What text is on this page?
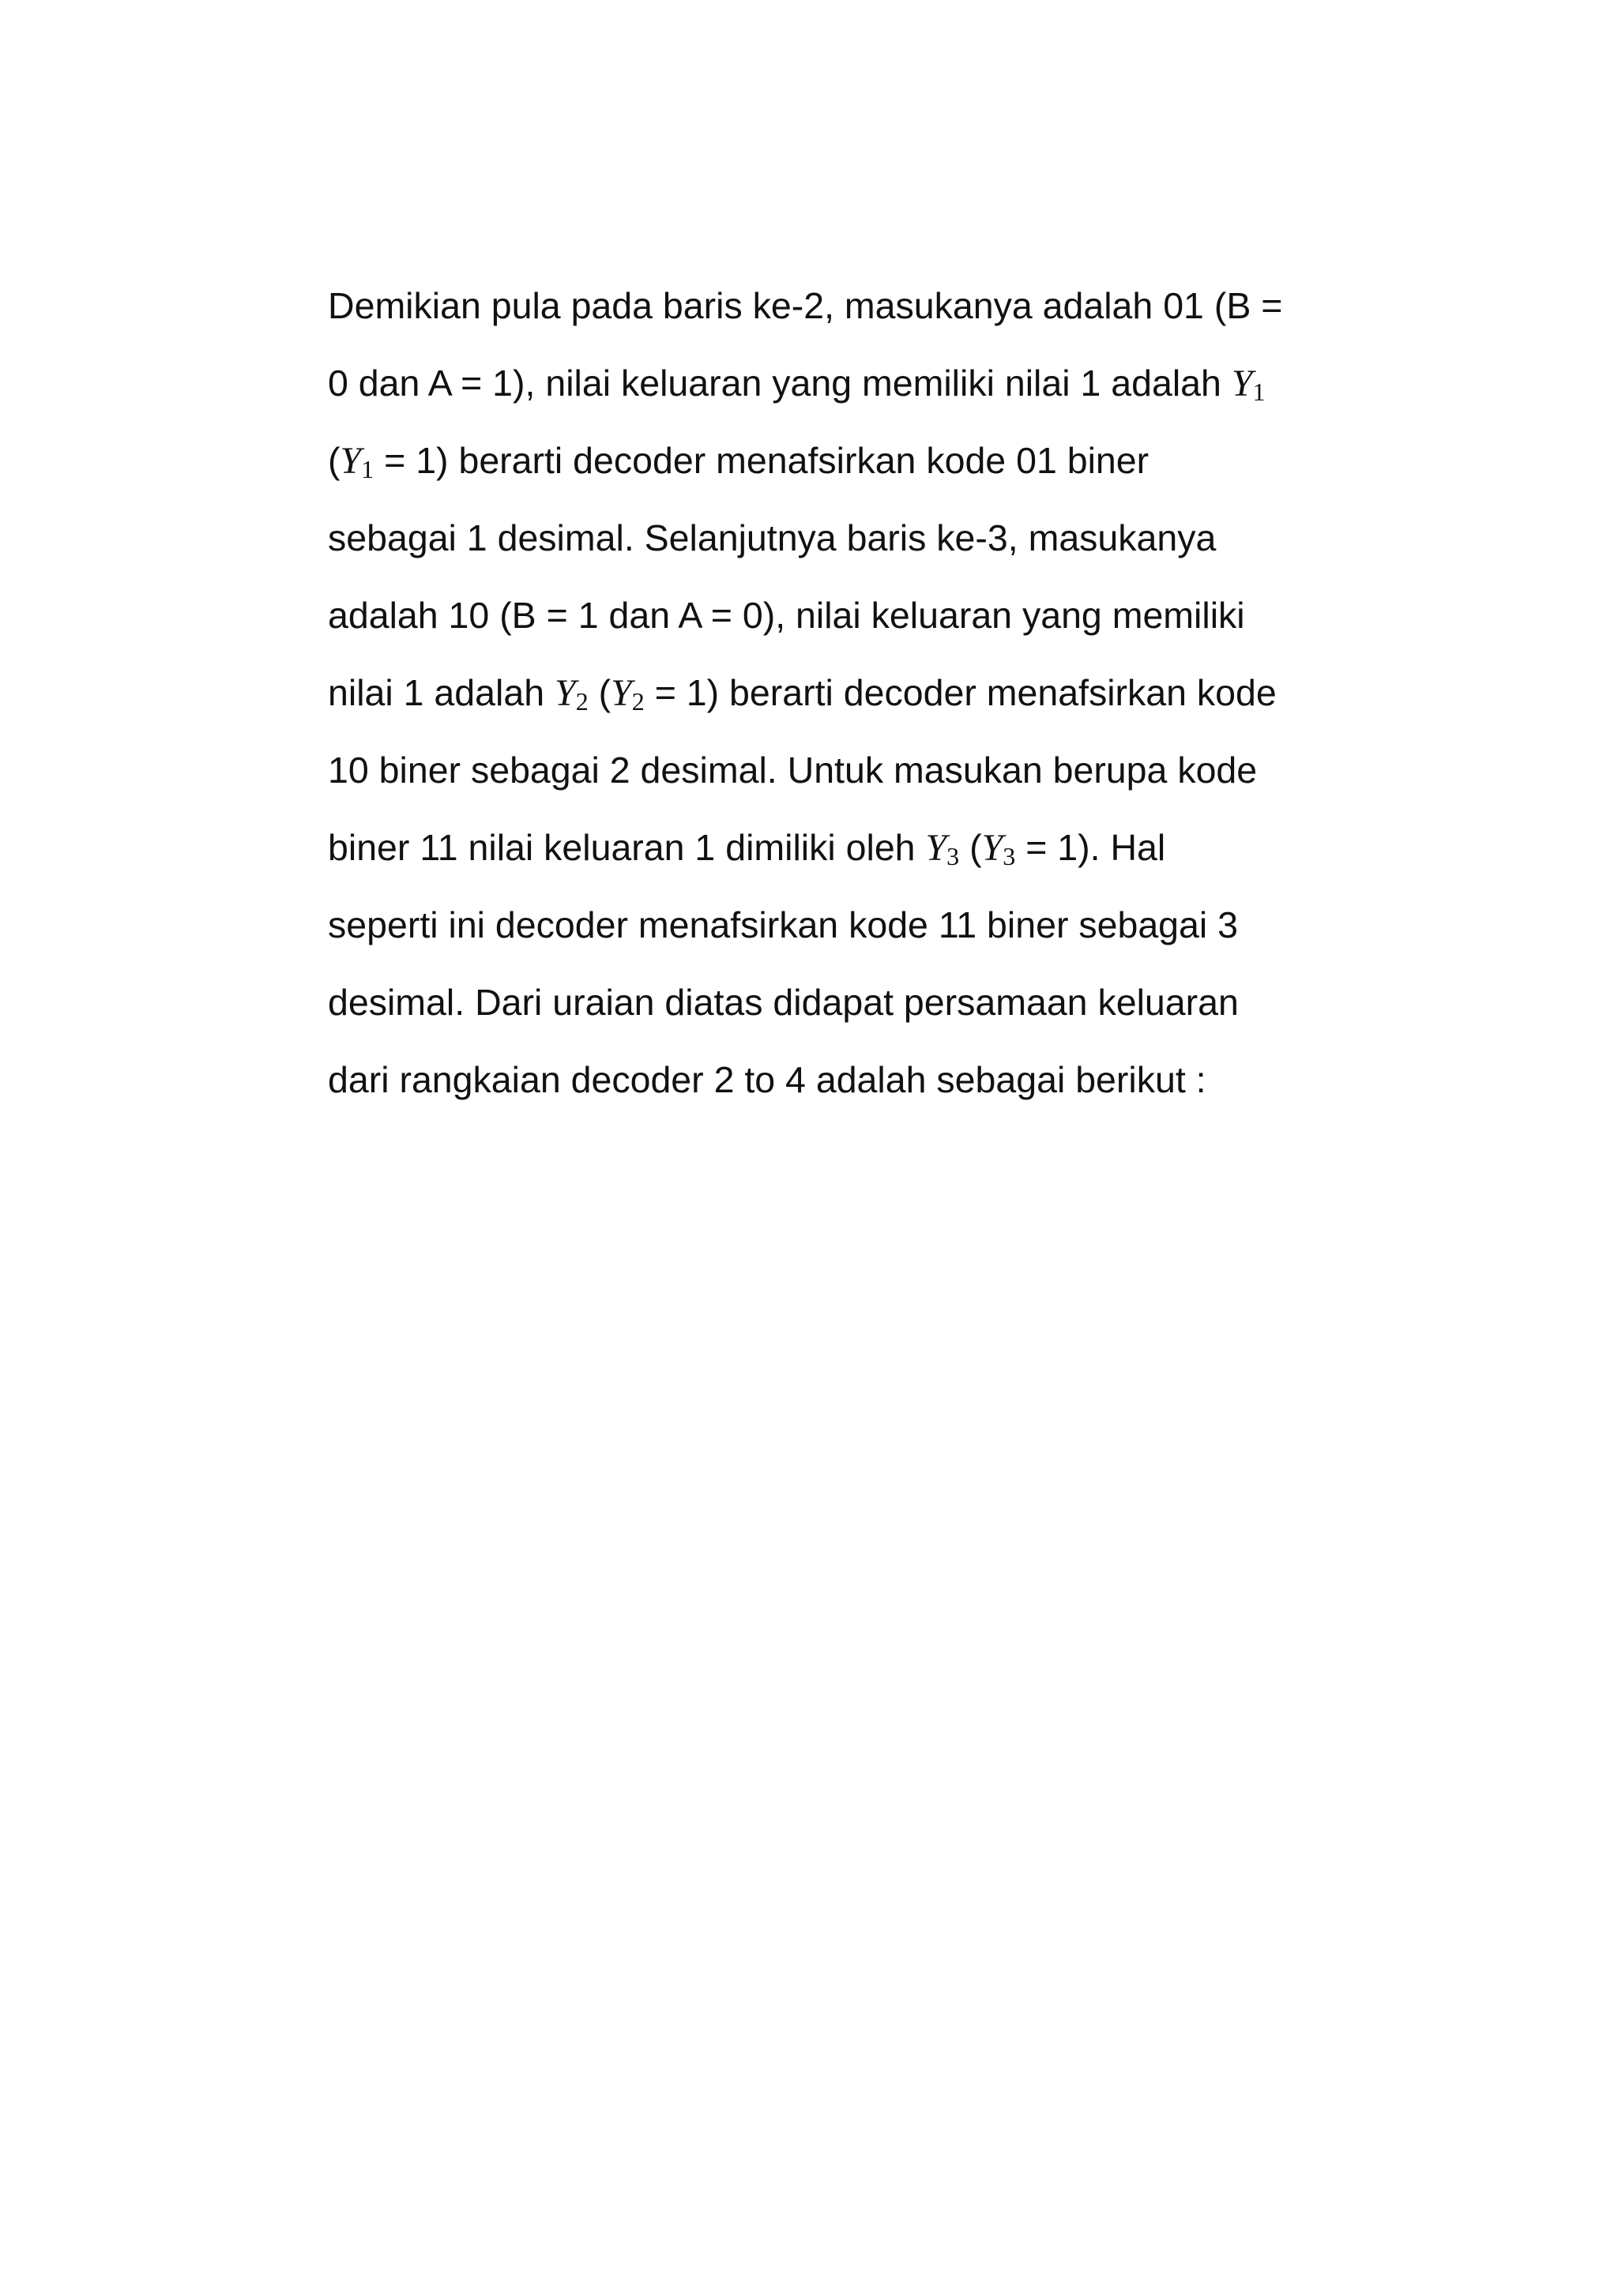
Demikian pula pada baris ke-2, masukanya adalah 01 (B =
0 dan A = 1), nilai keluaran yang memiliki nilai 1 adalah Y1
(Y1 = 1) berarti decoder menafsirkan kode 01 biner
sebagai 1 desimal. Selanjutnya baris ke-3, masukanya
adalah 10 (B = 1 dan A = 0), nilai keluaran yang memiliki
nilai 1 adalah Y2 (Y2 = 1) berarti decoder menafsirkan kode
10 biner sebagai 2 desimal. Untuk masukan berupa kode
biner 11 nilai keluaran 1 dimiliki oleh Y3 (Y3 = 1). Hal
seperti ini decoder menafsirkan kode 11 biner sebagai 3
desimal. Dari uraian diatas didapat persamaan keluaran
dari rangkaian decoder 2 to 4 adalah sebagai berikut :
